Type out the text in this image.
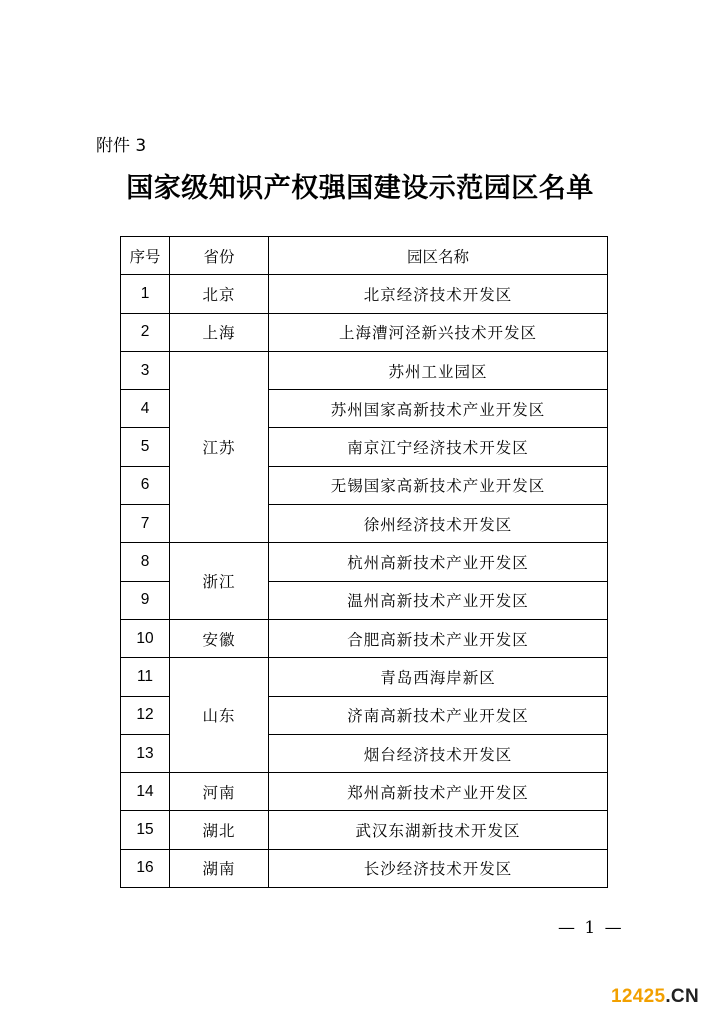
附件 3
国家级知识产权强国建设示范园区名单
序号	省份	园区名称
1	北京	北京经济技术开发区
2	上海	上海漕河泾新兴技术开发区
3	江苏	苏州工业园区
4		苏州国家高新技术产业开发区
5		南京江宁经济技术开发区
6		无锡国家高新技术产业开发区
7		徐州经济技术开发区
8	浙江	杭州高新技术产业开发区
9		温州高新技术产业开发区
10	安徽	合肥高新技术产业开发区
11	山东	青岛西海岸新区
12		济南高新技术产业开发区
13		烟台经济技术开发区
14	河南	郑州高新技术产业开发区
15	湖北	武汉东湖新技术开发区
16	湖南	长沙经济技术开发区
— 1 —
12425.CN
